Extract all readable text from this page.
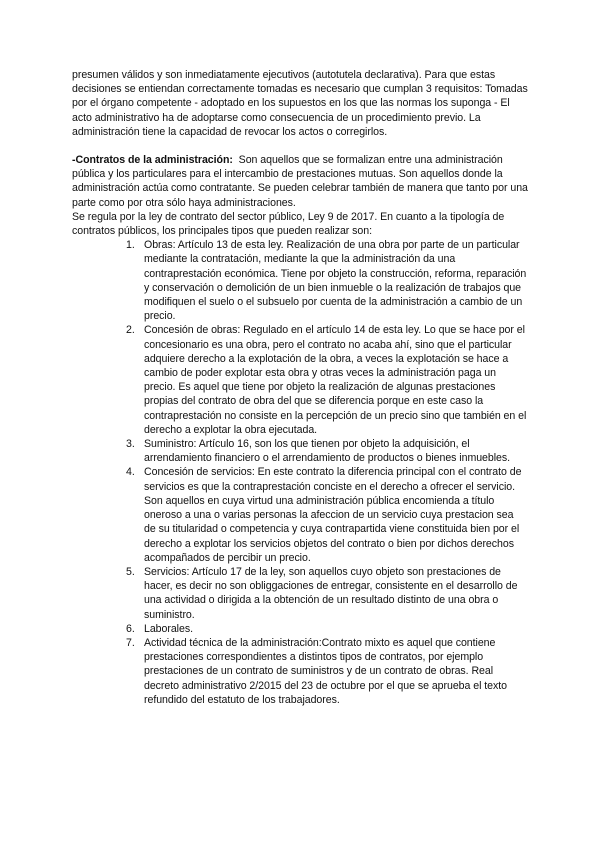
presumen válidos y son inmediatamente ejecutivos (autotutela declarativa). Para que estas decisiones se entiendan correctamente tomadas es necesario que cumplan 3 requisitos: Tomadas por el órgano competente - adoptado en los supuestos en los que las normas los suponga - El acto administrativo ha de adoptarse como consecuencia de un procedimiento previo. La administración tiene la capacidad de revocar los actos o corregirlos.

-Contratos de la administración: Son aquellos que se formalizan entre una administración pública y los particulares para el intercambio de prestaciones mutuas. Son aquellos donde la administración actúa como contratante. Se pueden celebrar también de manera que tanto por una parte como por otra sólo haya administraciones.

Se regula por la ley de contrato del sector público, Ley 9 de 2017. En cuanto a la tipología de contratos públicos, los principales tipos que pueden realizar son:

1. Obras: Artículo 13 de esta ley. Realización de una obra por parte de un particular mediante la contratación, mediante la que la administración da una contraprestación económica. Tiene por objeto la construcción, reforma, reparación y conservación o demolición de un bien inmueble o la realización de trabajos que modifiquen el suelo o el subsuelo por cuenta de la administración a cambio de un precio.
2. Concesión de obras: Regulado en el artículo 14 de esta ley. Lo que se hace por el concesionario es una obra, pero el contrato no acaba ahí, sino que el particular adquiere derecho a la explotación de la obra, a veces la explotación se hace a cambio de poder explotar esta obra y otras veces la administración paga un precio. Es aquel que tiene por objeto la realización de algunas prestaciones propias del contrato de obra del que se diferencia porque en este caso la contraprestación no consiste en la percepción de un precio sino que también en el derecho a explotar la obra ejecutada.
3. Suministro: Artículo 16, son los que tienen por objeto la adquisición, el arrendamiento financiero o el arrendamiento de productos o bienes inmuebles.
4. Concesión de servicios: En este contrato la diferencia principal con el contrato de servicios es que la contraprestación conciste en el derecho a ofrecer el servicio. Son aquellos en cuya virtud una administración pública encomienda a título oneroso a una o varias personas la afeccion de un servicio cuya prestacion sea de su titularidad o competencia y cuya contrapartida viene constituida bien por el derecho a explotar los servicios objetos del contrato o bien por dichos derechos acompañados de percibir un precio.
5. Servicios: Artículo 17 de la ley, son aquellos cuyo objeto son prestaciones de hacer, es decir no son obliggaciones de entregar, consistente en el desarrollo de una actividad o dirigida a la obtención de un resultado distinto de una obra o suministro.
6. Laborales.
7. Actividad técnica de la administración:Contrato mixto es aquel que contiene prestaciones correspondientes a distintos tipos de contratos, por ejemplo prestaciones de un contrato de suministros y de un contrato de obras. Real decreto administrativo 2/2015 del 23 de octubre por el que se aprueba el texto refundido del estatuto de los trabajadores.
